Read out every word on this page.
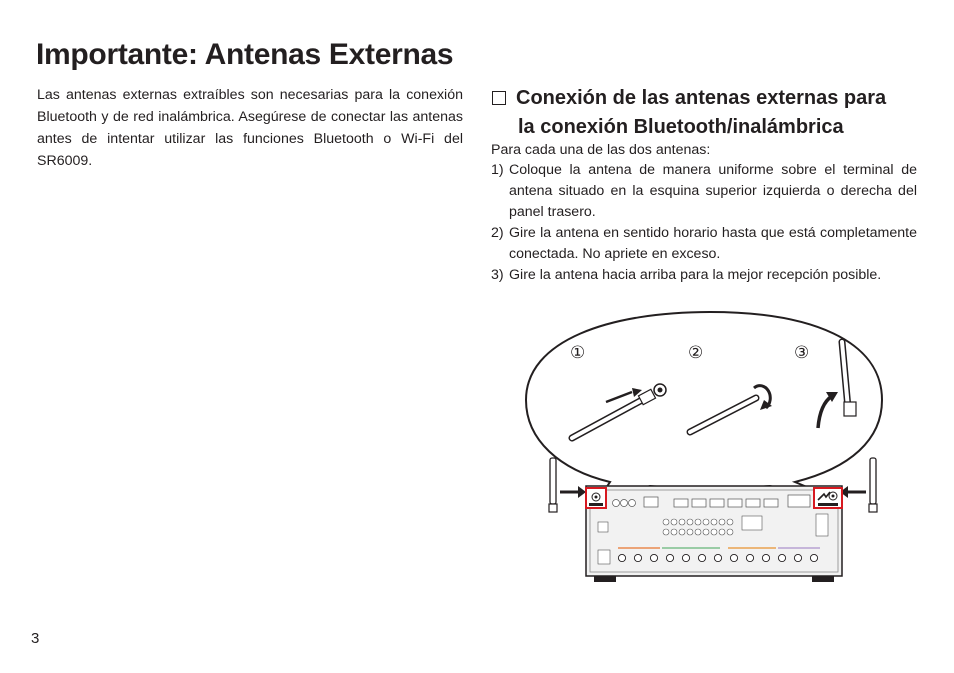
Importante: Antenas Externas

Las antenas externas extraíbles son necesarias para la conexión Bluetooth y de red inalámbrica. Asegúrese de conectar las antenas antes de intentar utilizar las funciones Bluetooth o Wi-Fi del SR6009.

Conexión de las antenas externas para
la conexión Bluetooth/inalámbrica

Para cada una de las dos antenas:

1) Coloque la antena de manera uniforme sobre el terminal de antena situado en la esquina superior izquierda o derecha del panel trasero.
2) Gire la antena en sentido horario hasta que está completamente conectada. No apriete en exceso.
3) Gire la antena hacia arriba para la mejor recepción posible.
①	②	③
3
